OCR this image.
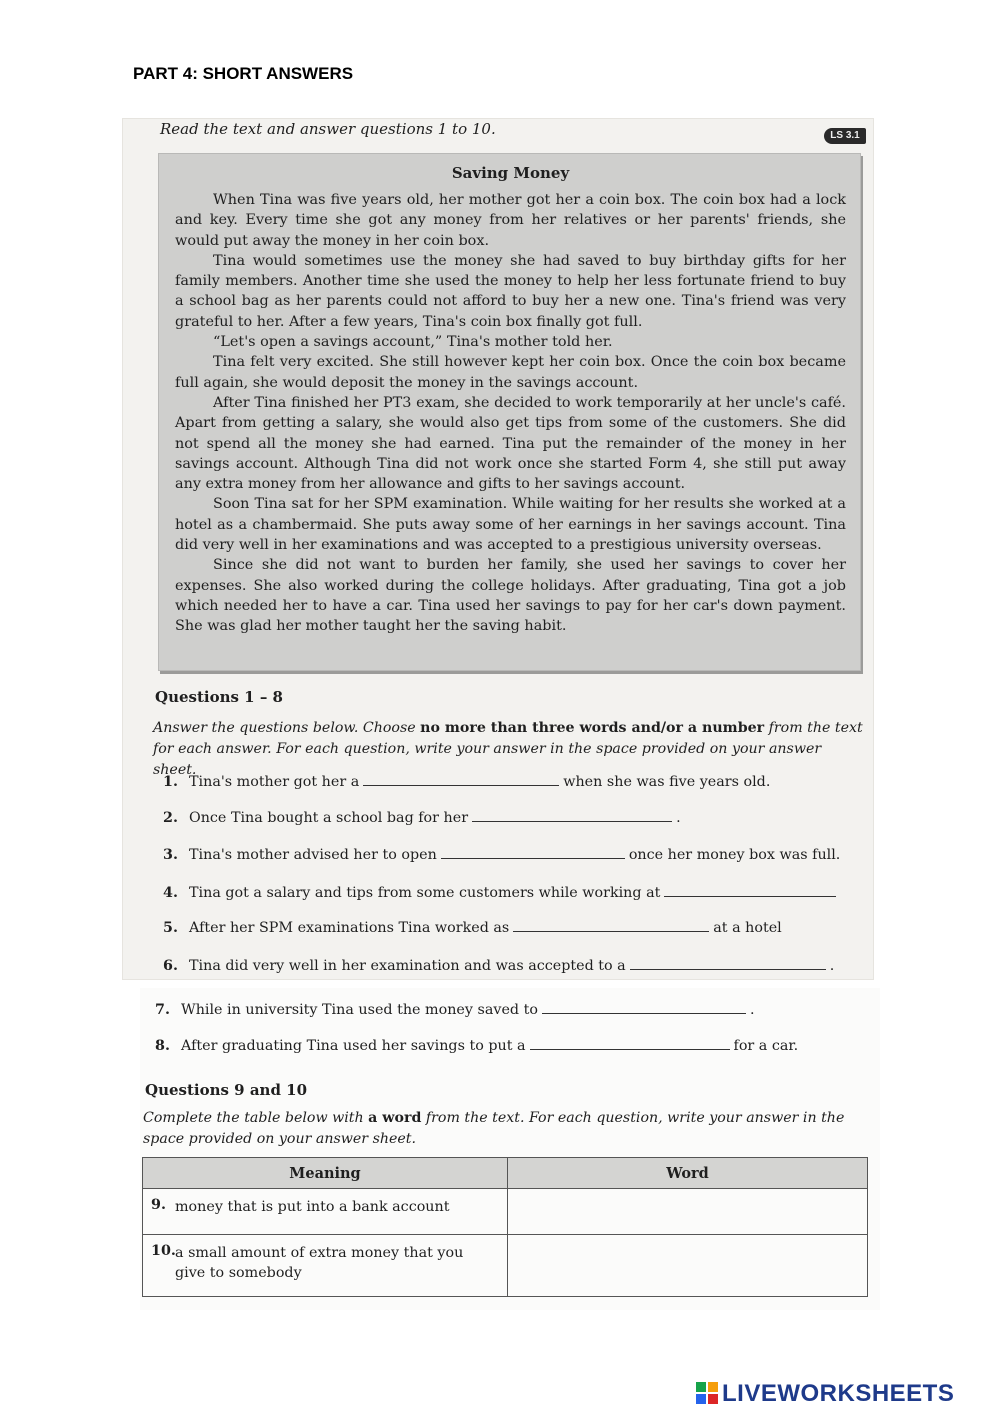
PART 4: SHORT ANSWERS
Read the text and answer questions 1 to 10.	LS 3.1
Saving Money

When Tina was five years old, her mother got her a coin box. The coin box had a lock and key. Every time she got any money from her relatives or her parents' friends, she would put away the money in her coin box.

Tina would sometimes use the money she had saved to buy birthday gifts for her family members. Another time she used the money to help her less fortunate friend to buy a school bag as her parents could not afford to buy her a new one. Tina's friend was very grateful to her. After a few years, Tina's coin box finally got full.

“Let's open a savings account,” Tina's mother told her.

Tina felt very excited. She still however kept her coin box. Once the coin box became full again, she would deposit the money in the savings account.

After Tina finished her PT3 exam, she decided to work temporarily at her uncle's café. Apart from getting a salary, she would also get tips from some of the customers. She did not spend all the money she had earned. Tina put the remainder of the money in her savings account. Although Tina did not work once she started Form 4, she still put away any extra money from her allowance and gifts to her savings account.

Soon Tina sat for her SPM examination. While waiting for her results she worked at a hotel as a chambermaid. She puts away some of her earnings in her savings account. Tina did very well in her examinations and was accepted to a prestigious university overseas.

Since she did not want to burden her family, she used her savings to cover her expenses. She also worked during the college holidays. After graduating, Tina got a job which needed her to have a car. Tina used her savings to pay for her car's down payment. She was glad her mother taught her the saving habit.

Questions 1 – 8
Answer the questions below. Choose no more than three words and/or a number from the text for each answer. For each question, write your answer in the space provided on your answer sheet.
1. Tina's mother got her a	when she was five years old.
2. Once Tina bought a school bag for her	.
3. Tina's mother advised her to open	once her money box was full.
4. Tina got a salary and tips from some customers while working at
5. After her SPM examinations Tina worked as	at a hotel
6. Tina did very well in her examination and was accepted to a	.
7. While in university Tina used the money saved to	.
8. After graduating Tina used her savings to put a	for a car.
Questions 9 and 10
Complete the table below with a word from the text. For each question, write your answer in the space provided on your answer sheet.
Meaning	Word
9. money that is put into a bank account	
10.a small amount of extra money that you give to somebody	
LIVEWORKSHEETS
